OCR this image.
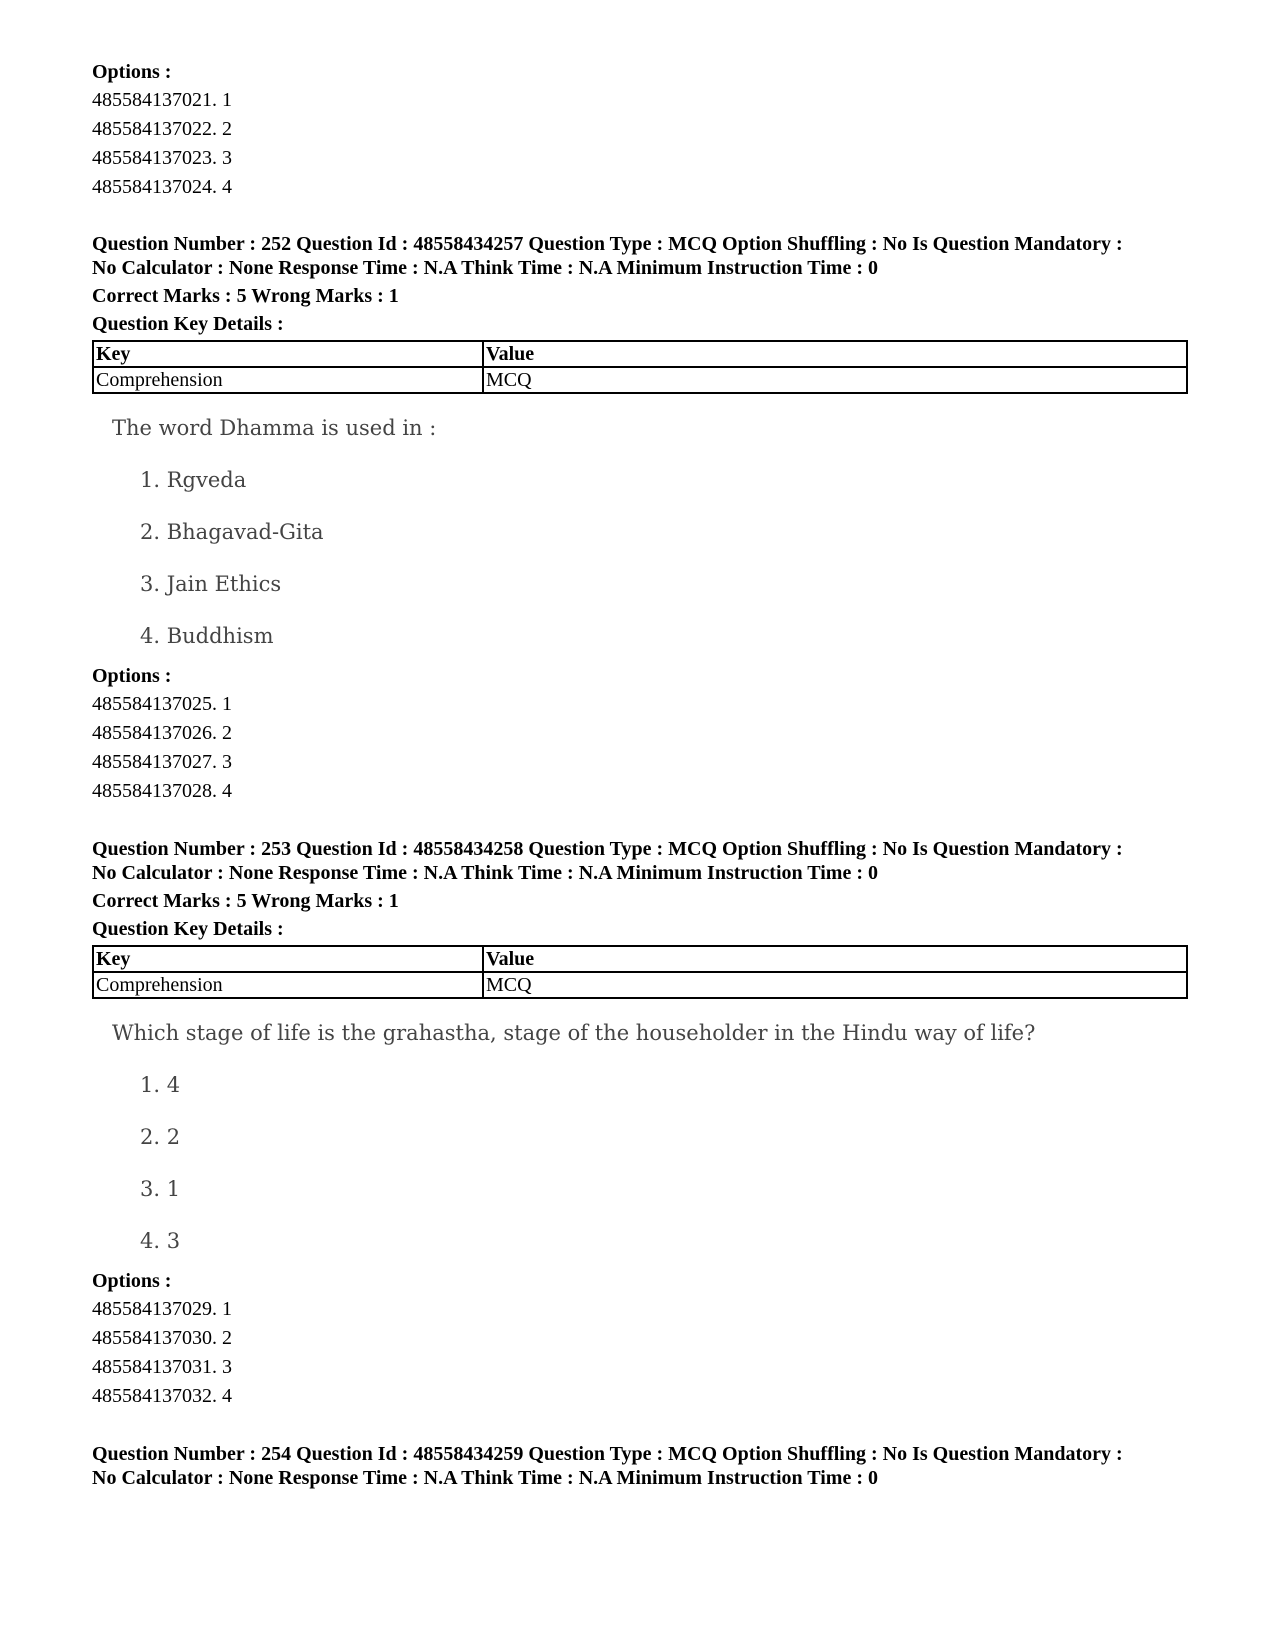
Options :

485584137021. 1

485584137022. 2

485584137023. 3

485584137024. 4

Question Number : 252 Question Id : 48558434257 Question Type : MCQ Option Shuffling : No Is Question Mandatory :

No Calculator : None Response Time : N.A Think Time : N.A Minimum Instruction Time : 0

Correct Marks : 5 Wrong Marks : 1

Question Key Details :

Key	Value
Comprehension	MCQ

The word Dhamma is used in :

1. Rgveda

2. Bhagavad-Gita

3. Jain Ethics

4. Buddhism

Options :

485584137025. 1

485584137026. 2

485584137027. 3

485584137028. 4

Question Number : 253 Question Id : 48558434258 Question Type : MCQ Option Shuffling : No Is Question Mandatory :

No Calculator : None Response Time : N.A Think Time : N.A Minimum Instruction Time : 0

Correct Marks : 5 Wrong Marks : 1

Question Key Details :

Key	Value
Comprehension	MCQ

Which stage of life is the grahastha, stage of the householder in the Hindu way of life?

1. 4

2. 2

3. 1

4. 3

Options :

485584137029. 1

485584137030. 2

485584137031. 3

485584137032. 4

Question Number : 254 Question Id : 48558434259 Question Type : MCQ Option Shuffling : No Is Question Mandatory :

No Calculator : None Response Time : N.A Think Time : N.A Minimum Instruction Time : 0
